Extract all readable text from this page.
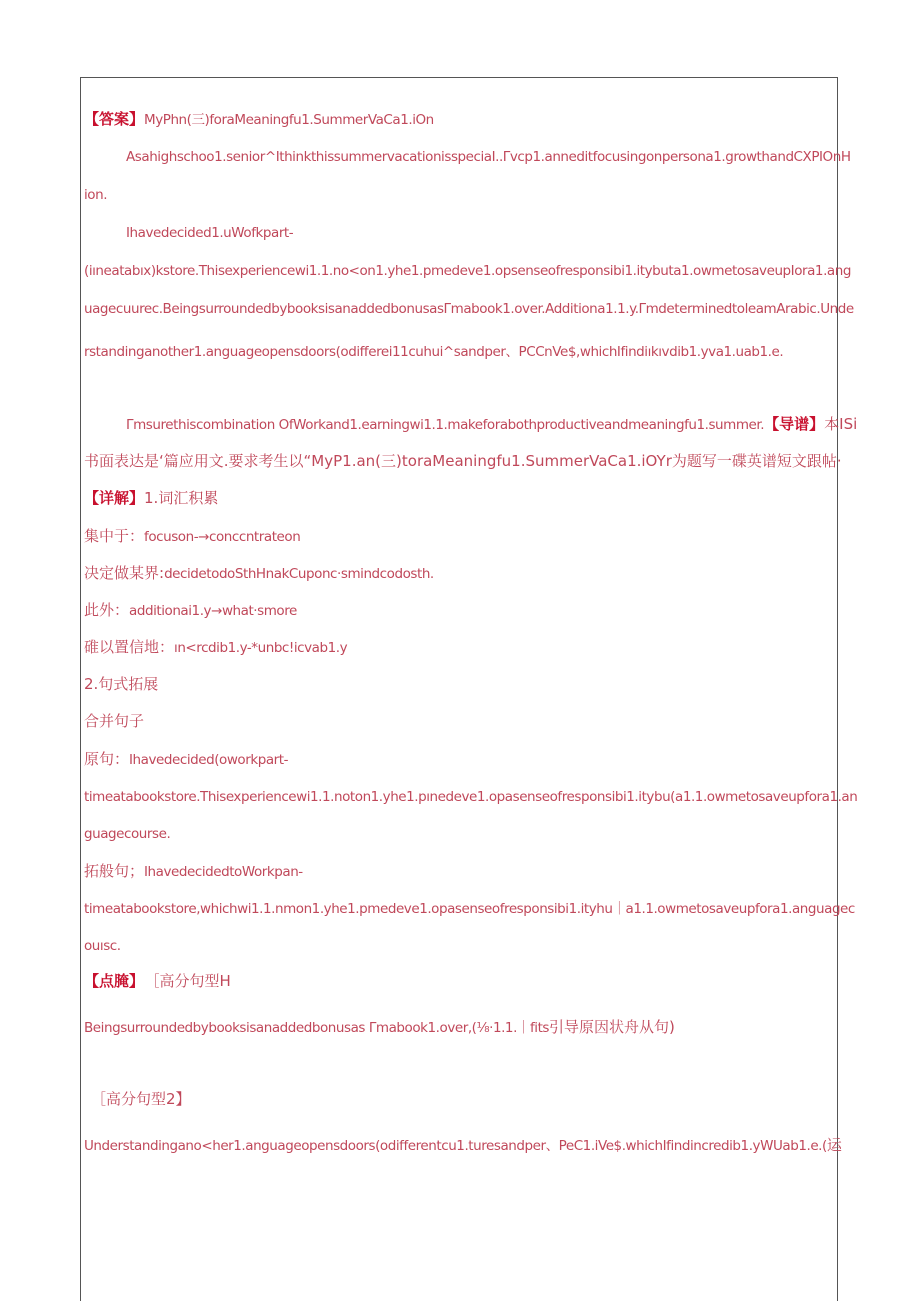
【答案】MyPhn(三)foraMeaningfu1.SummerVaCa1.iOn
Asahighschoo1.senior^IthinkthissummervacationisspeciaI..Γvcp1.anneditfocusingonpersona1.growthandCXPIOnH
ion.
Ihavedecided1.uWofkpart-
(iıneatabıx)kstore.Thisexperiencewi1.1.no<on1.yhe1.pmedeve1.opsenseofresponsibi1.itybuta1.owmetosaveupIora1.ang
uagecuurec.BeingsurroundedbybooksisanaddedbonusasΓmabook1.over.Additiona1.1.y.ΓmdeterminedtoleamArabic.Unde
rstandinganother1.anguageopensdoors(odifferei11cuhui^sandper、PCCnVe$,whichIfindiıkıvdib1.yva1.uab1.e.
Γmsurethiscombination OfWorkand1.earningwi1.1.makeforabothproductiveandmeaningfu1.summer.【导谱】本ISi
书面表达是‘篇应用文.要求考生以“MyP1.an(三)toraMeaningfu1.SummerVaCa1.iOYr为题写一碟英谱短文跟帖·
【详解】1.词汇积累
集中于：focuson-→conccntrateon
决定做某界:decidetodoSthHnakCuponc·smindcodosth.
此外：additionai1.y→what·smore
碓以置信地：ın<rcdib1.y-*unbc!icvab1.y
2.句式拓展
合并句子
原句：Ihavedecided(oworkpart-
timeatabookstore.Thisexperiencewi1.1.noton1.yhe1.pınedeve1.opasenseofresponsibi1.itybu(a1.1.owmetosaveupfora1.an
guagecourse.
拓般句；IhavedecidedtoWorkpan-
timeatabookstore,whichwi1.1.nmon1.yhe1.pmedeve1.opasenseofresponsibi1.ityhu｜a1.1.owmetosaveupfora1.anguagec
ouısc.
【点腌】 ［高分句型H
Beingsurroundedbybooksisanaddedbonusas Γmabook1.over,(⅛·1.1.｜fits引导原因状舟从句)
［高分句型2】
Understandingano<her1.anguageopensdoors(odifferentcu1.turesandper、PeC1.iVe$.whichIfindincredib1.yWUab1.e.(运
